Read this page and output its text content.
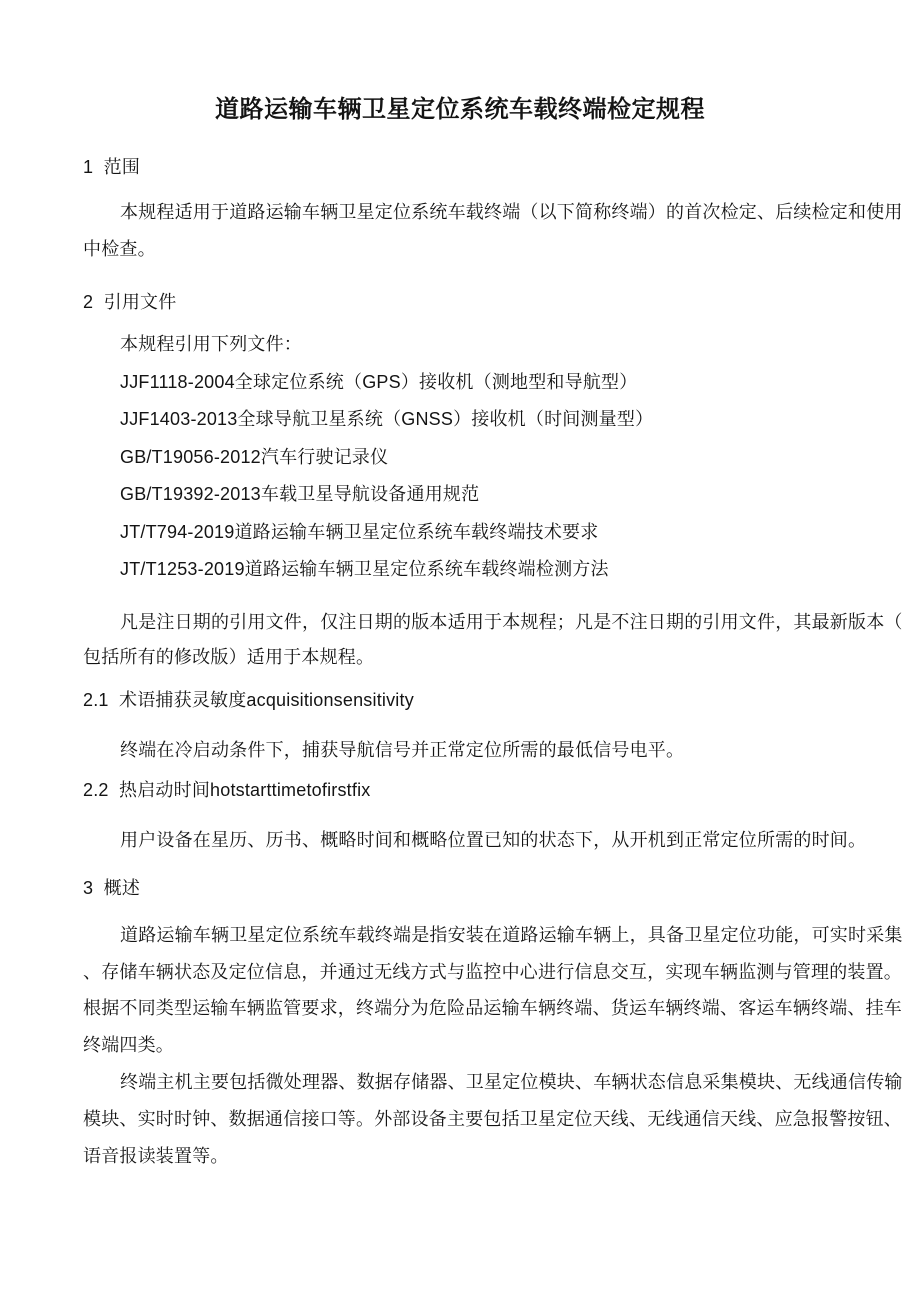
道路运输车辆卫星定位系统车载终端检定规程
1  范围
本规程适用于道路运输车辆卫星定位系统车载终端（以下简称终端）的首次检定、后续检定和使用
中检查。
2  引用文件
本规程引用下列文件：
JJF1118-2004全球定位系统（GPS）接收机（测地型和导航型）
JJF1403-2013全球导航卫星系统（GNSS）接收机（时间测量型）
GB/T19056-2012汽车行驶记录仪
GB/T19392-2013车载卫星导航设备通用规范
JT/T794-2019道路运输车辆卫星定位系统车载终端技术要求
JT/T1253-2019道路运输车辆卫星定位系统车载终端检测方法
凡是注日期的引用文件，仅注日期的版本适用于本规程；凡是不注日期的引用文件，其最新版本（
包括所有的修改版）适用于本规程。
2.1  术语捕获灵敏度acquisitionsensitivity
终端在冷启动条件下，捕获导航信号并正常定位所需的最低信号电平。
2.2  热启动时间hotstarttimetofirstfix
用户设备在星历、历书、概略时间和概略位置已知的状态下，从开机到正常定位所需的时间。
3  概述
道路运输车辆卫星定位系统车载终端是指安装在道路运输车辆上，具备卫星定位功能，可实时采集
、存储车辆状态及定位信息，并通过无线方式与监控中心进行信息交互，实现车辆监测与管理的装置。
根据不同类型运输车辆监管要求，终端分为危险品运输车辆终端、货运车辆终端、客运车辆终端、挂车
终端四类。
终端主机主要包括微处理器、数据存储器、卫星定位模块、车辆状态信息采集模块、无线通信传输
模块、实时时钟、数据通信接口等。外部设备主要包括卫星定位天线、无线通信天线、应急报警按钮、
语音报读装置等。
